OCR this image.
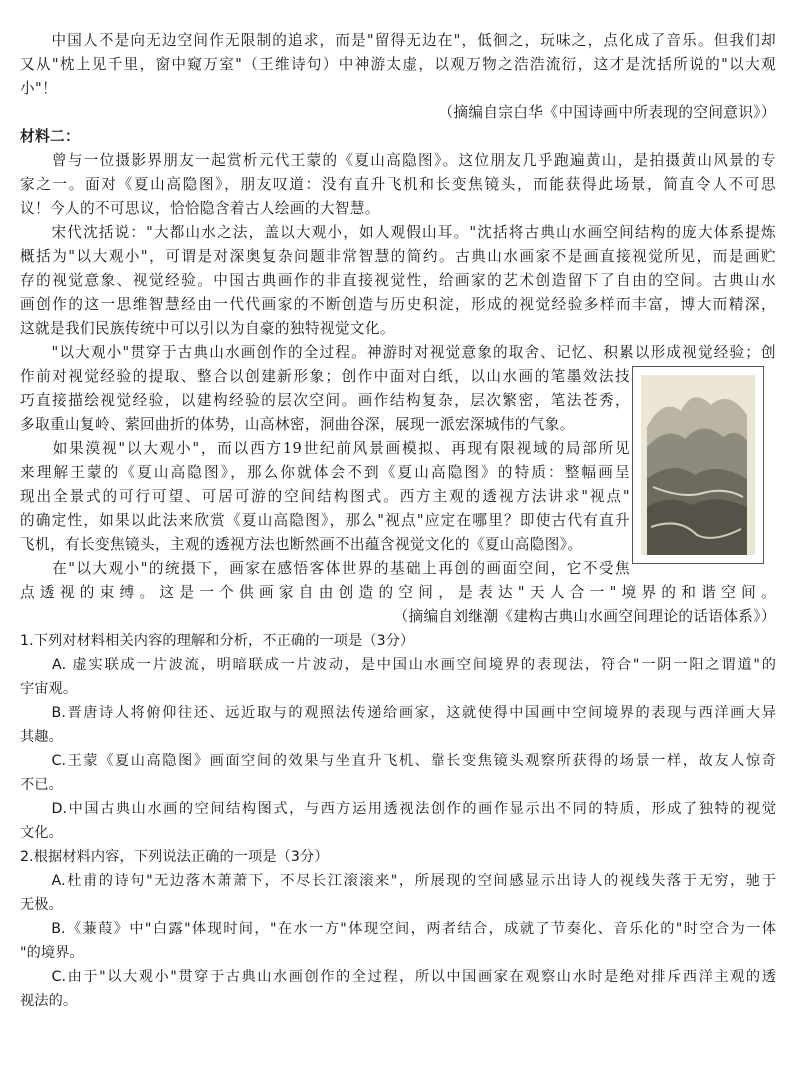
　　中国人不是向无边空间作无限制的追求，而是"留得无边在"，低徊之，玩味之，点化成了音乐。但我们却
又从"枕上见千里，窗中窥万室"（王维诗句）中神游太虚，以观万物之浩浩流衍，这才是沈括所说的"以大观
小"！
（摘编自宗白华《中国诗画中所表现的空间意识》）
材料二：
　　曾与一位摄影界朋友一起赏析元代王蒙的《夏山高隐图》。这位朋友几乎跑遍黄山，是拍摄黄山风景的专
家之一。面对《夏山高隐图》，朋友叹道：没有直升飞机和长变焦镜头，而能获得此场景，简直令人不可思
议！今人的不可思议，恰恰隐含着古人绘画的大智慧。
　　宋代沈括说："大都山水之法，盖以大观小，如人观假山耳。"沈括将古典山水画空间结构的庞大体系提炼
概括为"以大观小"，可谓是对深奥复杂问题非常智慧的简约。古典山水画家不是画直接视觉所见，而是画贮
存的视觉意象、视觉经验。中国古典画作的非直接视觉性，给画家的艺术创造留下了自由的空间。古典山水
画创作的这一思维智慧经由一代代画家的不断创造与历史积淀，形成的视觉经验多样而丰富，博大而精深，
这就是我们民族传统中可以引以为自豪的独特视觉文化。
　　"以大观小"贯穿于古典山水画创作的全过程。神游时对视觉意象的取舍、记忆、积累以形成视觉经验；创
作前对视觉经验的提取、整合以创建新形象；创作中面对白纸，以山水画的笔墨效法技
巧直接描绘视觉经验，以建构经验的层次空间。画作结构复杂，层次繁密，笔法苍秀，
多取重山复岭、萦回曲折的体势，山高林密，洞曲谷深，展现一派宏深城伟的气象。
　　如果漠视"以大观小"，而以西方19世纪前风景画模拟、再现有限视域的局部所见
来理解王蒙的《夏山高隐图》，那么你就体会不到《夏山高隐图》的特质：整幅画呈
现出全景式的可行可望、可居可游的空间结构图式。西方主观的透视方法讲求"视点"
的确定性，如果以此法来欣赏《夏山高隐图》，那么"视点"应定在哪里？即使古代有直升
飞机，有长变焦镜头，主观的透视方法也断然画不出蕴含视觉文化的《夏山高隐图》。
　　在"以大观小"的统摄下，画家在感悟客体世界的基础上再创的画面空间，它不受焦
点透视的束缚。这是一个供画家自由创造的空间，是表达"天人合一"境界的和谐空间。
（摘编自刘继潮《建构古典山水画空间理论的话语体系》）
1.下列对材料相关内容的理解和分析，不正确的一项是（3分）
　　A. 虚实联成一片波流，明暗联成一片波动，是中国山水画空间境界的表现法，符合"一阴一阳之谓道"的
宇宙观。
　　B.晋唐诗人将俯仰往还、远近取与的观照法传递给画家，这就使得中国画中空间境界的表现与西洋画大异
其趣。
　　C.王蒙《夏山高隐图》画面空间的效果与坐直升飞机、靠长变焦镜头观察所获得的场景一样，故友人惊奇
不已。
　　D.中国古典山水画的空间结构图式，与西方运用透视法创作的画作显示出不同的特质，形成了独特的视觉
文化。
2.根据材料内容，下列说法正确的一项是（3分）
　　A.杜甫的诗句"无边落木萧萧下，不尽长江滚滚来"，所展现的空间感显示出诗人的视线失落于无穷，驰于
无极。
　　B.《蒹葭》中"白露"体现时间，"在水一方"体现空间，两者结合，成就了节奏化、音乐化的"时空合为一体
"的境界。
　　C.由于"以大观小"贯穿于古典山水画创作的全过程，所以中国画家在观察山水时是绝对排斥西洋主观的透
视法的。
